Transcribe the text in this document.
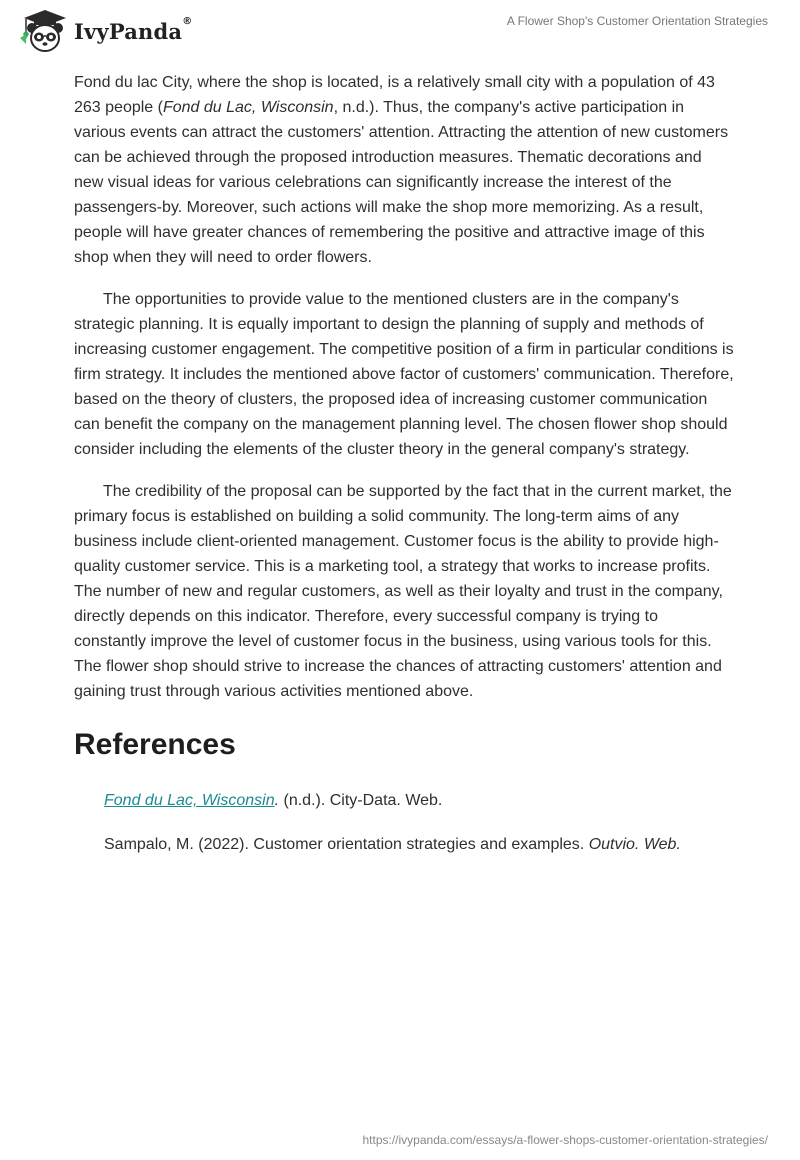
IvyPanda®	A Flower Shop's Customer Orientation Strategies

Fond du lac City, where the shop is located, is a relatively small city with a population of 43 263 people (Fond du Lac, Wisconsin, n.d.). Thus, the company's active participation in various events can attract the customers' attention. Attracting the attention of new customers can be achieved through the proposed introduction measures. Thematic decorations and new visual ideas for various celebrations can significantly increase the interest of the passengers-by. Moreover, such actions will make the shop more memorizing. As a result, people will have greater chances of remembering the positive and attractive image of this shop when they will need to order flowers.

The opportunities to provide value to the mentioned clusters are in the company's strategic planning. It is equally important to design the planning of supply and methods of increasing customer engagement. The competitive position of a firm in particular conditions is firm strategy. It includes the mentioned above factor of customers' communication. Therefore, based on the theory of clusters, the proposed idea of increasing customer communication can benefit the company on the management planning level. The chosen flower shop should consider including the elements of the cluster theory in the general company's strategy.

The credibility of the proposal can be supported by the fact that in the current market, the primary focus is established on building a solid community. The long-term aims of any business include client-oriented management. Customer focus is the ability to provide high-quality customer service. This is a marketing tool, a strategy that works to increase profits. The number of new and regular customers, as well as their loyalty and trust in the company, directly depends on this indicator. Therefore, every successful company is trying to constantly improve the level of customer focus in the business, using various tools for this. The flower shop should strive to increase the chances of attracting customers' attention and gaining trust through various activities mentioned above.

References

Fond du Lac, Wisconsin. (n.d.). City-Data. Web.

Sampalo, M. (2022). Customer orientation strategies and examples. Outvio. Web.

https://ivypanda.com/essays/a-flower-shops-customer-orientation-strategies/
